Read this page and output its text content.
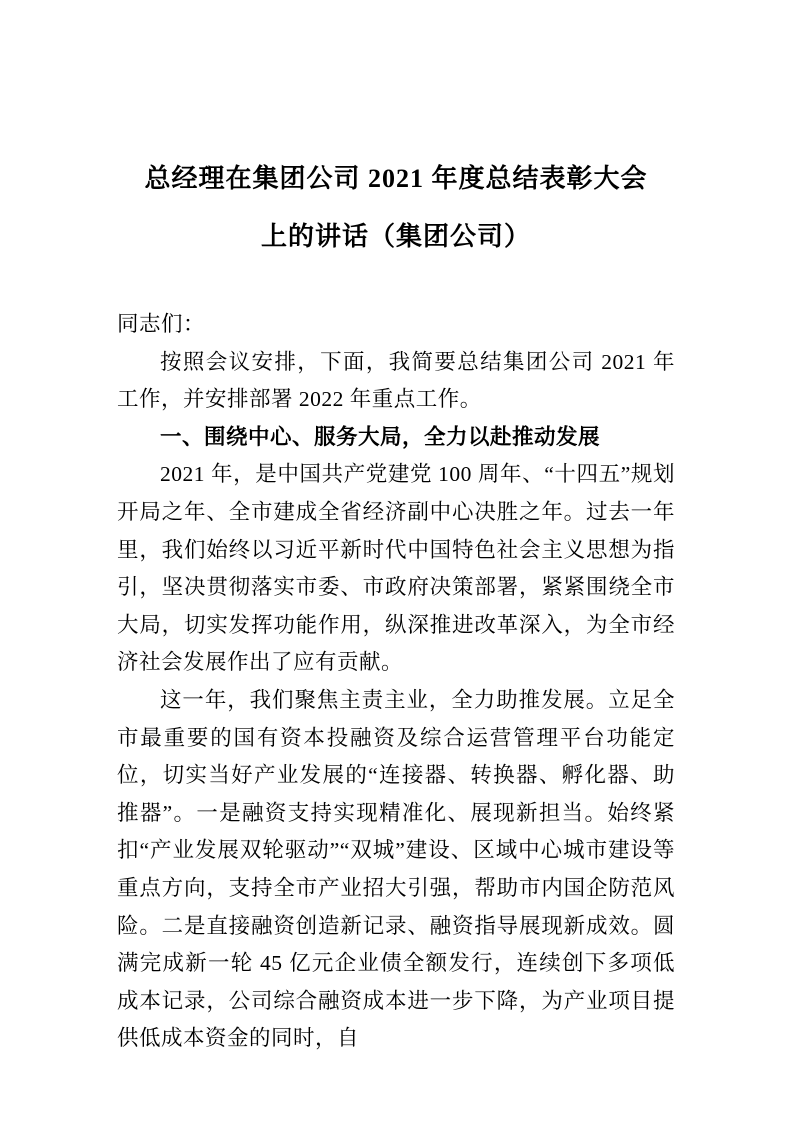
总经理在集团公司 2021 年度总结表彰大会
上的讲话（集团公司）

同志们：

按照会议安排，下面，我简要总结集团公司 2021 年工作，并安排部署 2022 年重点工作。

一、围绕中心、服务大局，全力以赴推动发展

2021 年，是中国共产党建党 100 周年、“十四五”规划开局之年、全市建成全省经济副中心决胜之年。过去一年里，我们始终以习近平新时代中国特色社会主义思想为指引，坚决贯彻落实市委、市政府决策部署，紧紧围绕全市大局，切实发挥功能作用，纵深推进改革深入，为全市经济社会发展作出了应有贡献。

这一年，我们聚焦主责主业，全力助推发展。立足全市最重要的国有资本投融资及综合运营管理平台功能定位，切实当好产业发展的“连接器、转换器、孵化器、助推器”。一是融资支持实现精准化、展现新担当。始终紧扣“产业发展双轮驱动”“双城”建设、区域中心城市建设等重点方向，支持全市产业招大引强，帮助市内国企防范风险。二是直接融资创造新记录、融资指导展现新成效。圆满完成新一轮 45 亿元企业债全额发行，连续创下多项低成本记录，公司综合融资成本进一步下降，为产业项目提供低成本资金的同时，自
